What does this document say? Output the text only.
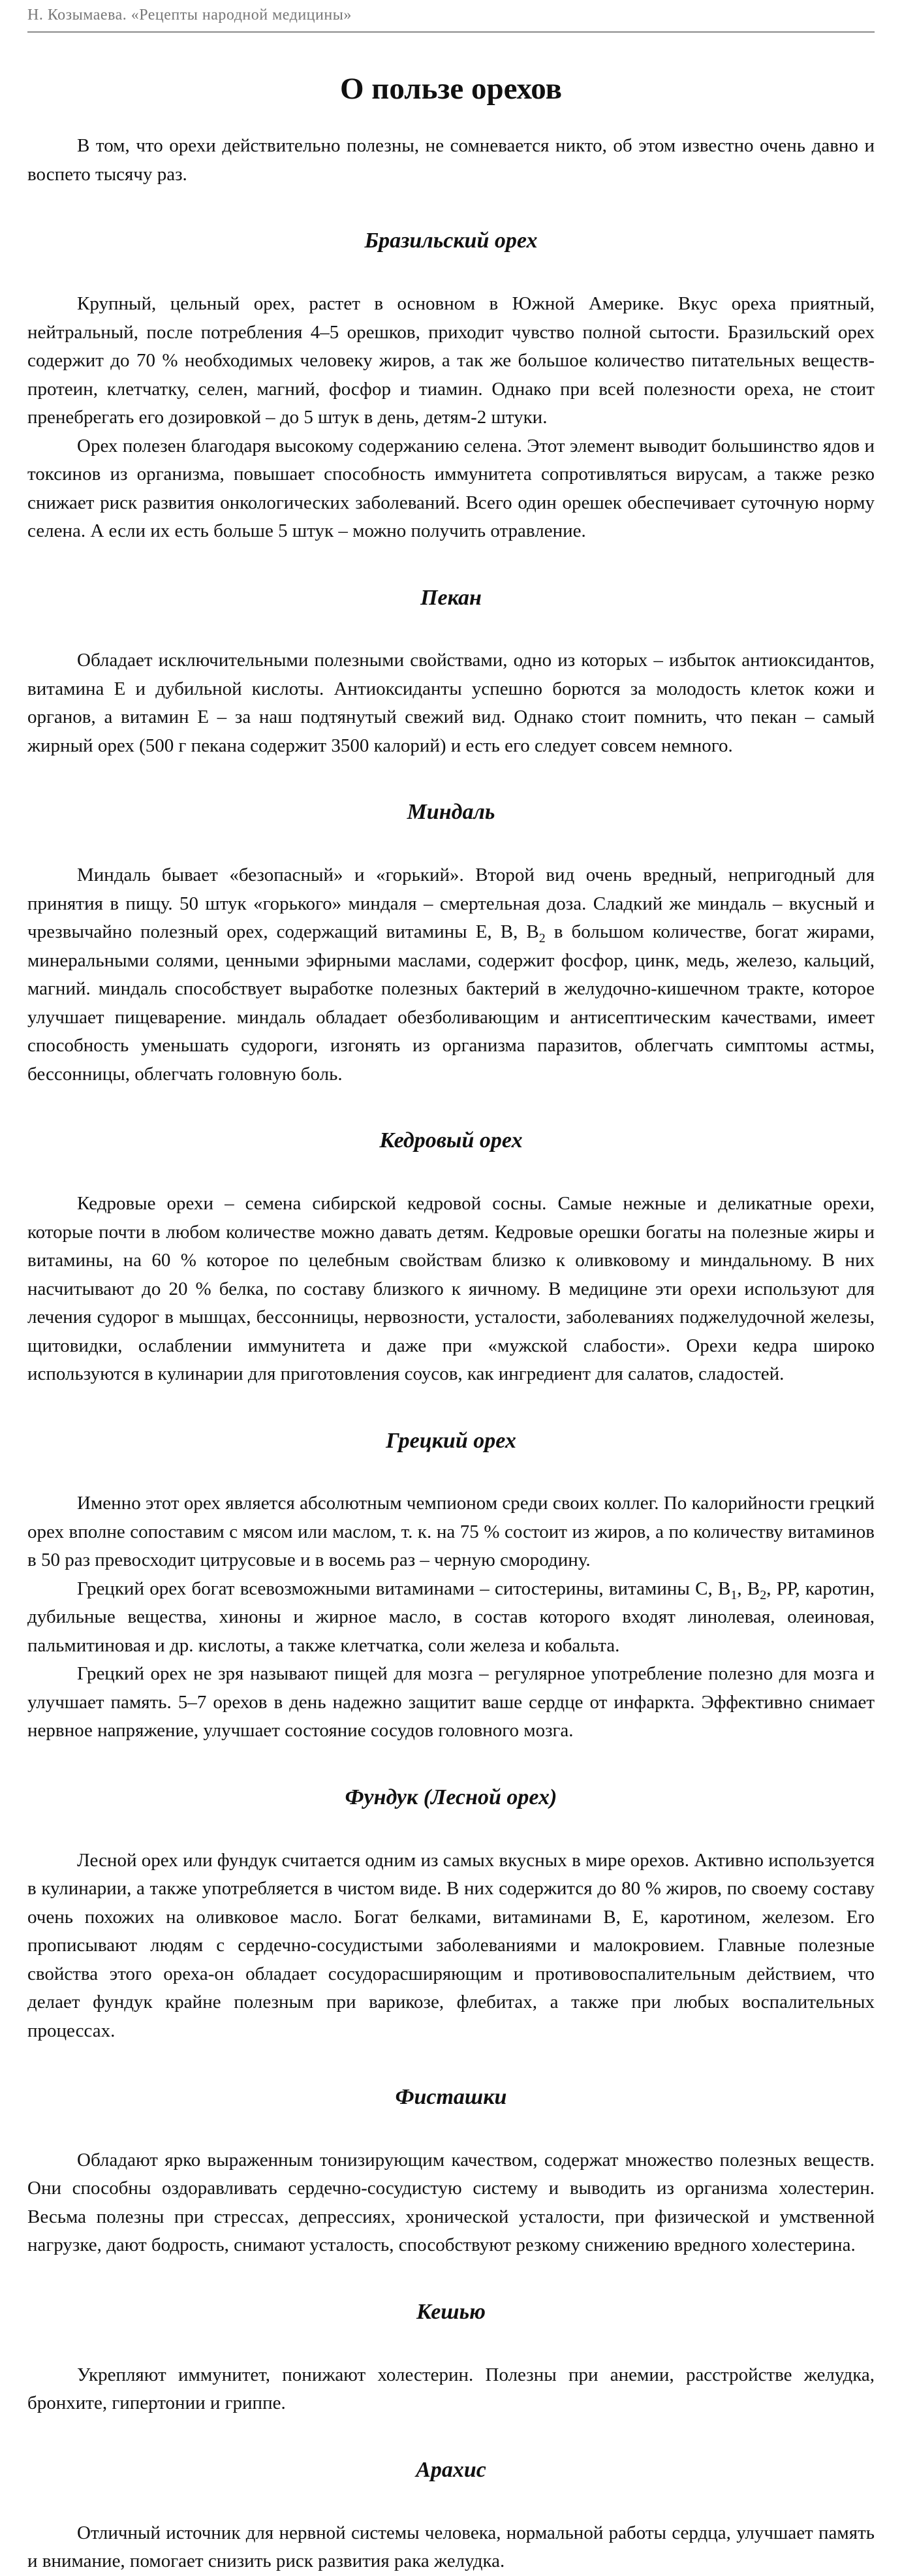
Н. Козымаева. «Рецепты народной медицины»
О пользе орехов

В том, что орехи действительно полезны, не сомневается никто, об этом известно очень давно и воспето тысячу раз.

Бразильский орех

Крупный, цельный орех, растет в основном в Южной Америке. Вкус ореха приятный, нейтральный, после потребления 4–5 орешков, приходит чувство полной сытости. Бразильский орех содержит до 70 % необходимых человеку жиров, а так же большое количество питательных веществ-протеин, клетчатку, селен, магний, фосфор и тиамин. Однако при всей полезности ореха, не стоит пренебрегать его дозировкой – до 5 штук в день, детям-2 штуки.

Орех полезен благодаря высокому содержанию селена. Этот элемент выводит большинство ядов и токсинов из организма, повышает способность иммунитета сопротивляться вирусам, а также резко снижает риск развития онкологических заболеваний. Всего один орешек обеспечивает суточную норму селена. А если их есть больше 5 штук – можно получить отравление.

Пекан

Обладает исключительными полезными свойствами, одно из которых – избыток антиоксидантов, витамина Е и дубильной кислоты. Антиоксиданты успешно борются за молодость клеток кожи и органов, а витамин Е – за наш подтянутый свежий вид. Однако стоит помнить, что пекан – самый жирный орех (500 г пекана содержит 3500 калорий) и есть его следует совсем немного.

Миндаль

Миндаль бывает «безопасный» и «горький». Второй вид очень вредный, непригодный для принятия в пищу. 50 штук «горького» миндаля – смертельная доза. Сладкий же миндаль – вкусный и чрезвычайно полезный орех, содержащий витамины Е, В, $В_2$ в большом количестве, богат жирами, минеральными солями, ценными эфирными маслами, содержит фосфор, цинк, медь, железо, кальций, магний. миндаль способствует выработке полезных бактерий в желудочно-кишечном тракте, которое улучшает пищеварение. миндаль обладает обезболивающим и антисептическим качествами, имеет способность уменьшать судороги, изгонять из организма паразитов, облегчать симптомы астмы, бессонницы, облегчать головную боль.

Кедровый орех

Кедровые орехи – семена сибирской кедровой сосны. Самые нежные и деликатные орехи, которые почти в любом количестве можно давать детям. Кедровые орешки богаты на полезные жиры и витамины, на 60 % которое по целебным свойствам близко к оливковому и миндальному. В них насчитывают до 20 % белка, по составу близкого к яичному. В медицине эти орехи используют для лечения судорог в мышцах, бессонницы, нервозности, усталости, заболеваниях поджелудочной железы, щитовидки, ослаблении иммунитета и даже при «мужской слабости». Орехи кедра широко используются в кулинарии для приготовления соусов, как ингредиент для салатов, сладостей.

Грецкий орех

Именно этот орех является абсолютным чемпионом среди своих коллег. По калорийности грецкий орех вполне сопоставим с мясом или маслом, т. к. на 75 % состоит из жиров, а по количеству витаминов в 50 раз превосходит цитрусовые и в восемь раз – черную смородину.

Грецкий орех богат всевозможными витаминами – ситостерины, витамины С, $В_1$, $В_2$, РР, каротин, дубильные вещества, хиноны и жирное масло, в состав которого входят линолевая, олеиновая, пальмитиновая и др. кислоты, а также клетчатка, соли железа и кобальта.

Грецкий орех не зря называют пищей для мозга – регулярное употребление полезно для мозга и улучшает память. 5–7 орехов в день надежно защитит ваше сердце от инфаркта. Эффективно снимает нервное напряжение, улучшает состояние сосудов головного мозга.

Фундук (Лесной орех)

Лесной орех или фундук считается одним из самых вкусных в мире орехов. Активно используется в кулинарии, а также употребляется в чистом виде. В них содержится до 80 % жиров, по своему составу очень похожих на оливковое масло. Богат белками, витаминами В, Е, каротином, железом. Его прописывают людям с сердечно-сосудистыми заболеваниями и малокровием. Главные полезные свойства этого ореха-он обладает сосудорасширяющим и противовоспалительным действием, что делает фундук крайне полезным при варикозе, флебитах, а также при любых воспалительных процессах.

Фисташки

Обладают ярко выраженным тонизирующим качеством, содержат множество полезных веществ. Они способны оздоравливать сердечно-сосудистую систему и выводить из организма холестерин. Весьма полезны при стрессах, депрессиях, хронической усталости, при физической и умственной нагрузке, дают бодрость, снимают усталость, способствуют резкому снижению вредного холестерина.

Кешью

Укрепляют иммунитет, понижают холестерин. Полезны при анемии, расстройстве желудка, бронхите, гипертонии и гриппе.

Арахис

Отличный источник для нервной системы человека, нормальной работы сердца, улучшает память и внимание, помогает снизить риск развития рака желудка.
